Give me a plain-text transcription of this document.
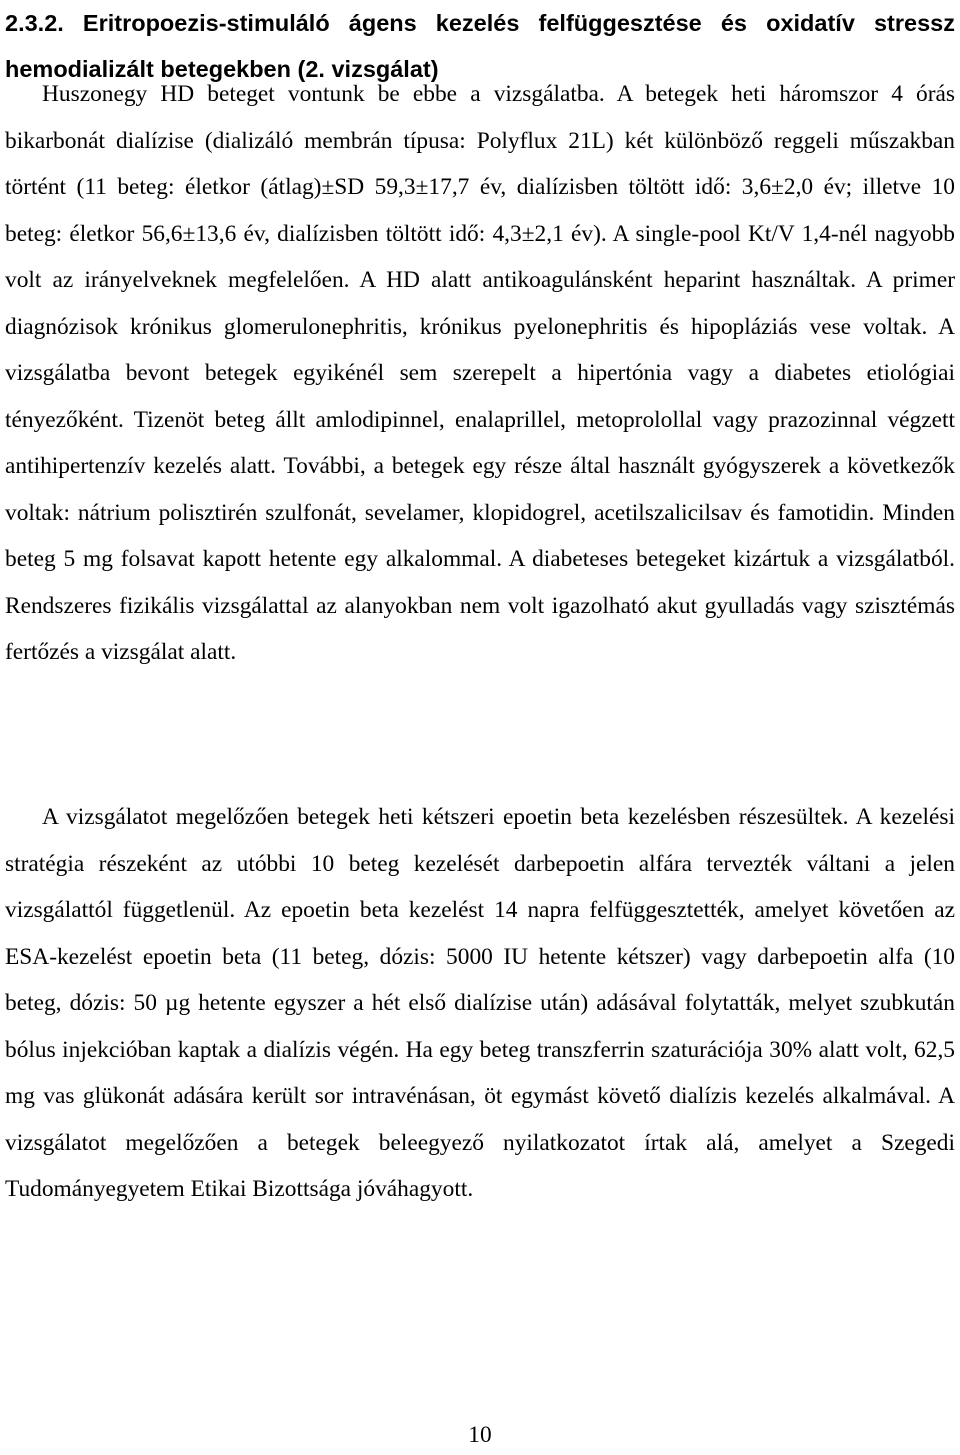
2.3.2. Eritropoezis-stimuláló ágens kezelés felfüggesztése és oxidatív stressz hemodializált betegekben (2. vizsgálat)

Huszonegy HD beteget vontunk be ebbe a vizsgálatba. A betegek heti háromszor 4 órás bikarbonát dialízise (dializáló membrán típusa: Polyflux 21L) két különböző reggeli műszakban történt (11 beteg: életkor (átlag)±SD 59,3±17,7 év, dialízisben töltött idő: 3,6±2,0 év; illetve 10 beteg: életkor 56,6±13,6 év, dialízisben töltött idő: 4,3±2,1 év). A single-pool Kt/V 1,4-nél nagyobb volt az irányelveknek megfelelően. A HD alatt antikoagulánsként heparint használtak. A primer diagnózisok krónikus glomerulonephritis, krónikus pyelonephritis és hipopláziás vese voltak. A vizsgálatba bevont betegek egyikénél sem szerepelt a hipertónia vagy a diabetes etiológiai tényezőként. Tizenöt beteg állt amlodipinnel, enalaprillel, metoprolollal vagy prazozinnal végzett antihipertenzív kezelés alatt. További, a betegek egy része által használt gyógyszerek a következők voltak: nátrium polisztirén szulfonát, sevelamer, klopidogrel, acetilszalicilsav és famotidin. Minden beteg 5 mg folsavat kapott hetente egy alkalommal. A diabeteses betegeket kizártuk a vizsgálatból. Rendszeres fizikális vizsgálattal az alanyokban nem volt igazolható akut gyulladás vagy szisztémás fertőzés a vizsgálat alatt.

A vizsgálatot megelőzően betegek heti kétszeri epoetin beta kezelésben részesültek. A kezelési stratégia részeként az utóbbi 10 beteg kezelését darbepoetin alfára tervezték váltani a jelen vizsgálattól függetlenül. Az epoetin beta kezelést 14 napra felfüggesztették, amelyet követően az ESA-kezelést epoetin beta (11 beteg, dózis: 5000 IU hetente kétszer) vagy darbepoetin alfa (10 beteg, dózis: 50 µg hetente egyszer a hét első dialízise után) adásával folytatták, melyet szubkután bólus injekcióban kaptak a dialízis végén. Ha egy beteg transzferrin szaturációja 30% alatt volt, 62,5 mg vas glükonát adására került sor intravénásan, öt egymást követő dialízis kezelés alkalmával. A vizsgálatot megelőzően a betegek beleegyező nyilatkozatot írtak alá, amelyet a Szegedi Tudományegyetem Etikai Bizottsága jóváhagyott.

10
